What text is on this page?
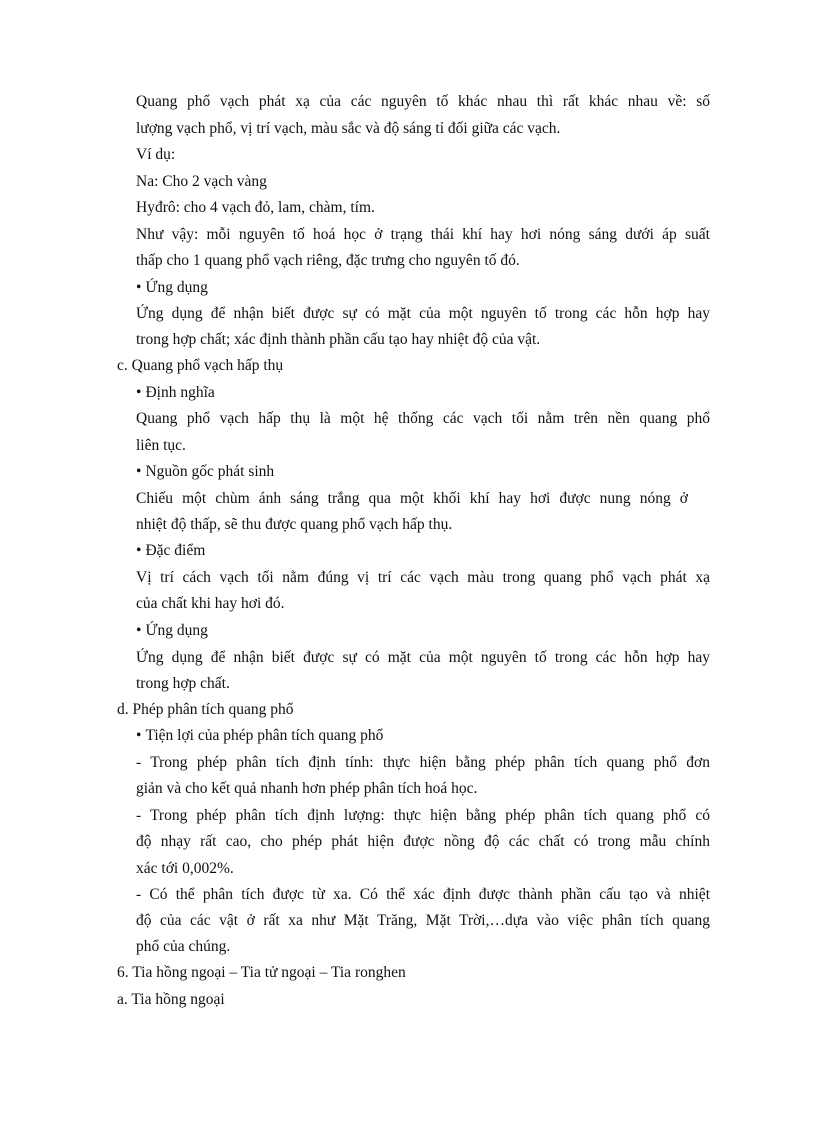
Quang phổ vạch phát xạ của các nguyên tố khác nhau thì rất khác nhau về: số
lượng vạch phổ, vị trí vạch, màu sắc và độ sáng tỉ đối giữa các vạch.
Ví dụ:
Na: Cho 2 vạch vàng
Hyđrô: cho 4 vạch đỏ, lam, chàm, tím.
Như vậy: mỗi nguyên tố hoá học ở trạng thái khí hay hơi nóng sáng dưới áp suất
thấp cho 1 quang phổ vạch riêng, đặc trưng cho nguyên tố đó.
• Ứng dụng
Ứng dụng để nhận biết được sự có mặt của một nguyên tố trong các hỗn hợp hay
trong hợp chất; xác định thành phần cấu tạo hay nhiệt độ của vật.
c. Quang phổ vạch hấp thụ
• Định nghĩa
Quang phổ vạch hấp thụ là một hệ thống các vạch tối nằm trên nền quang phổ
liên tục.
• Nguồn gốc phát sinh
Chiếu một chùm ánh sáng trắng qua một khối khí hay hơi được nung nóng ở
nhiệt độ thấp, sẽ thu được quang phổ vạch hấp thụ.
• Đặc điểm
Vị trí cách vạch tối nằm đúng vị trí các vạch màu trong quang phổ vạch phát xạ
của chất khi hay hơi đó.
• Ứng dụng
Ứng dụng để nhận biết được sự có mặt của một nguyên tố trong các hỗn hợp hay
trong hợp chất.
d. Phép phân tích quang phổ
• Tiện lợi của phép phân tích quang phổ
- Trong phép phân tích định tính: thực hiện bằng phép phân tích quang phổ đơn
giản và cho kết quả nhanh hơn phép phân tích hoá học.
- Trong phép phân tích định lượng: thực hiện bằng phép phân tích quang phổ có
độ nhạy rất cao, cho phép phát hiện được nồng độ các chất có trong mẫu chính
xác tới 0,002%.
- Có thể phân tích được từ xa. Có thể xác định được thành phần cấu tạo và nhiệt
độ của các vật ở rất xa như Mặt Trăng, Mặt Trời,…dựa vào việc phân tích quang
phổ của chúng.
6. Tia hồng ngoại – Tia tử ngoại – Tia ronghen
a. Tia hồng ngoại
